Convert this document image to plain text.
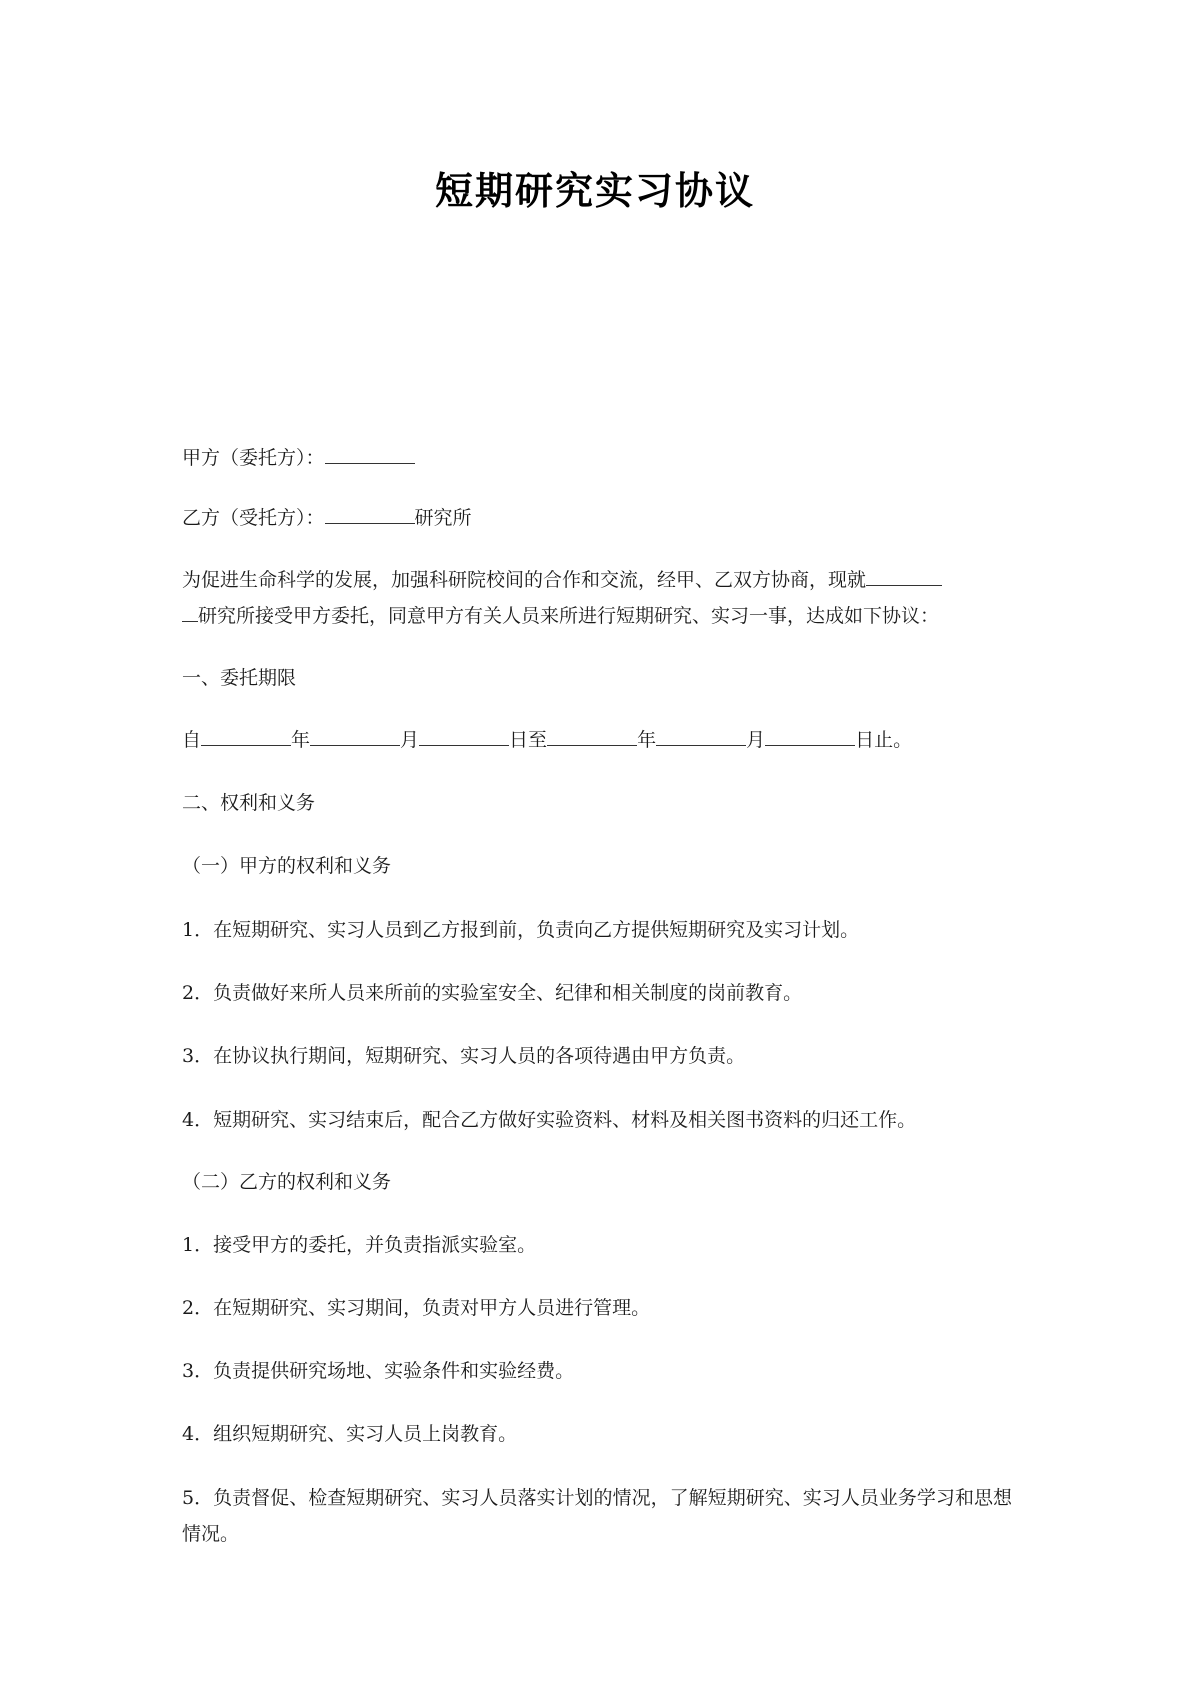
短期研究实习协议
甲方（委托方）：
乙方（受托方）：	研究所
为促进生命科学的发展，加强科研院校间的合作和交流，经甲、乙双方协商，现就
研究所接受甲方委托，同意甲方有关人员来所进行短期研究、实习一事，达成如下协议：
一、委托期限
自	年	月	日至	年	月	日止。
二、权利和义务
（一）甲方的权利和义务
1．在短期研究、实习人员到乙方报到前，负责向乙方提供短期研究及实习计划。
2．负责做好来所人员来所前的实验室安全、纪律和相关制度的岗前教育。
3．在协议执行期间，短期研究、实习人员的各项待遇由甲方负责。
4．短期研究、实习结束后，配合乙方做好实验资料、材料及相关图书资料的归还工作。
（二）乙方的权利和义务
1．接受甲方的委托，并负责指派实验室。
2．在短期研究、实习期间，负责对甲方人员进行管理。
3．负责提供研究场地、实验条件和实验经费。
4．组织短期研究、实习人员上岗教育。
5．负责督促、检查短期研究、实习人员落实计划的情况，了解短期研究、实习人员业务学习和思想情况。
